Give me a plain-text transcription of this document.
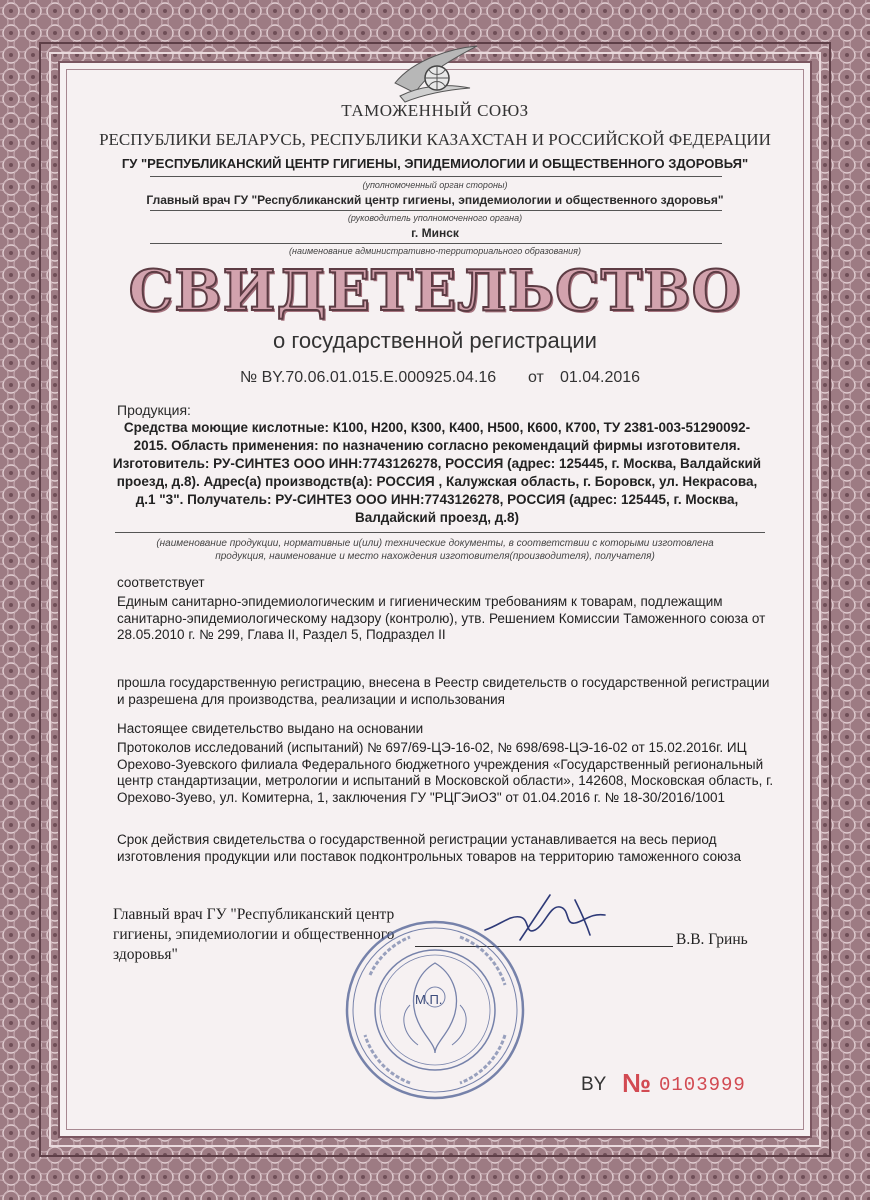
ТАМОЖЕННЫЙ СОЮЗ
РЕСПУБЛИКИ БЕЛАРУСЬ, РЕСПУБЛИКИ КАЗАХСТАН И РОССИЙСКОЙ ФЕДЕРАЦИИ
ГУ "РЕСПУБЛИКАНСКИЙ ЦЕНТР ГИГИЕНЫ, ЭПИДЕМИОЛОГИИ И ОБЩЕСТВЕННОГО ЗДОРОВЬЯ"
(уполномоченный орган стороны)
Главный врач ГУ "Республиканский центр гигиены, эпидемиологии и общественного здоровья"
(руководитель уполномоченного органа)
г. Минск
(наименование административно-территориального образования)
СВИДЕТЕЛЬСТВО
о государственной регистрации
№ BY.70.06.01.015.Е.000925.04.16 от 01.04.2016
Продукция:
Средства моющие кислотные: К100, Н200, К300, К400, Н500, К600, К700, ТУ 2381-003-51290092-2015. Область применения: по назначению согласно рекомендаций фирмы изготовителя. Изготовитель: РУ-СИНТЕЗ ООО ИНН:7743126278, РОССИЯ (адрес: 125445, г. Москва, Валдайский проезд, д.8). Адрес(а) производств(а): РОССИЯ , Калужская область, г. Боровск, ул. Некрасова, д.1 "3". Получатель: РУ-СИНТЕЗ ООО ИНН:7743126278, РОССИЯ (адрес: 125445, г. Москва, Валдайский проезд, д.8)
(наименование продукции, нормативные и(или) технические документы, в соответствии с которыми изготовлена продукция, наименование и место нахождения изготовителя(производителя), получателя)
соответствует
Единым санитарно-эпидемиологическим и гигиеническим требованиям к товарам, подлежащим санитарно-эпидемиологическому надзору (контролю), утв. Решением Комиссии Таможенного союза от 28.05.2010 г. № 299, Глава II, Раздел 5, Подраздел II
прошла государственную регистрацию, внесена в Реестр свидетельств о государственной регистрации и разрешена для производства, реализации и использования
Настоящее свидетельство выдано на основании
Протоколов исследований (испытаний) № 697/69-ЦЭ-16-02, № 698/698-ЦЭ-16-02 от 15.02.2016г. ИЦ Орехово-Зуевского филиала Федерального бюджетного учреждения «Государственный региональный центр стандартизации, метрологии и испытаний в Московской области», 142608, Московская область, г. Орехово-Зуево, ул. Комитерна, 1, заключения ГУ "РЦГЭиОЗ" от 01.04.2016 г. № 18-30/2016/1001
Срок действия свидетельства о государственной регистрации устанавливается на весь период изготовления продукции или поставок подконтрольных товаров на территорию таможенного союза
Главный врач ГУ "Республиканский центр гигиены, эпидемиологии и общественного здоровья"
В.В. Гринь
М.П.
BY № 0103999
